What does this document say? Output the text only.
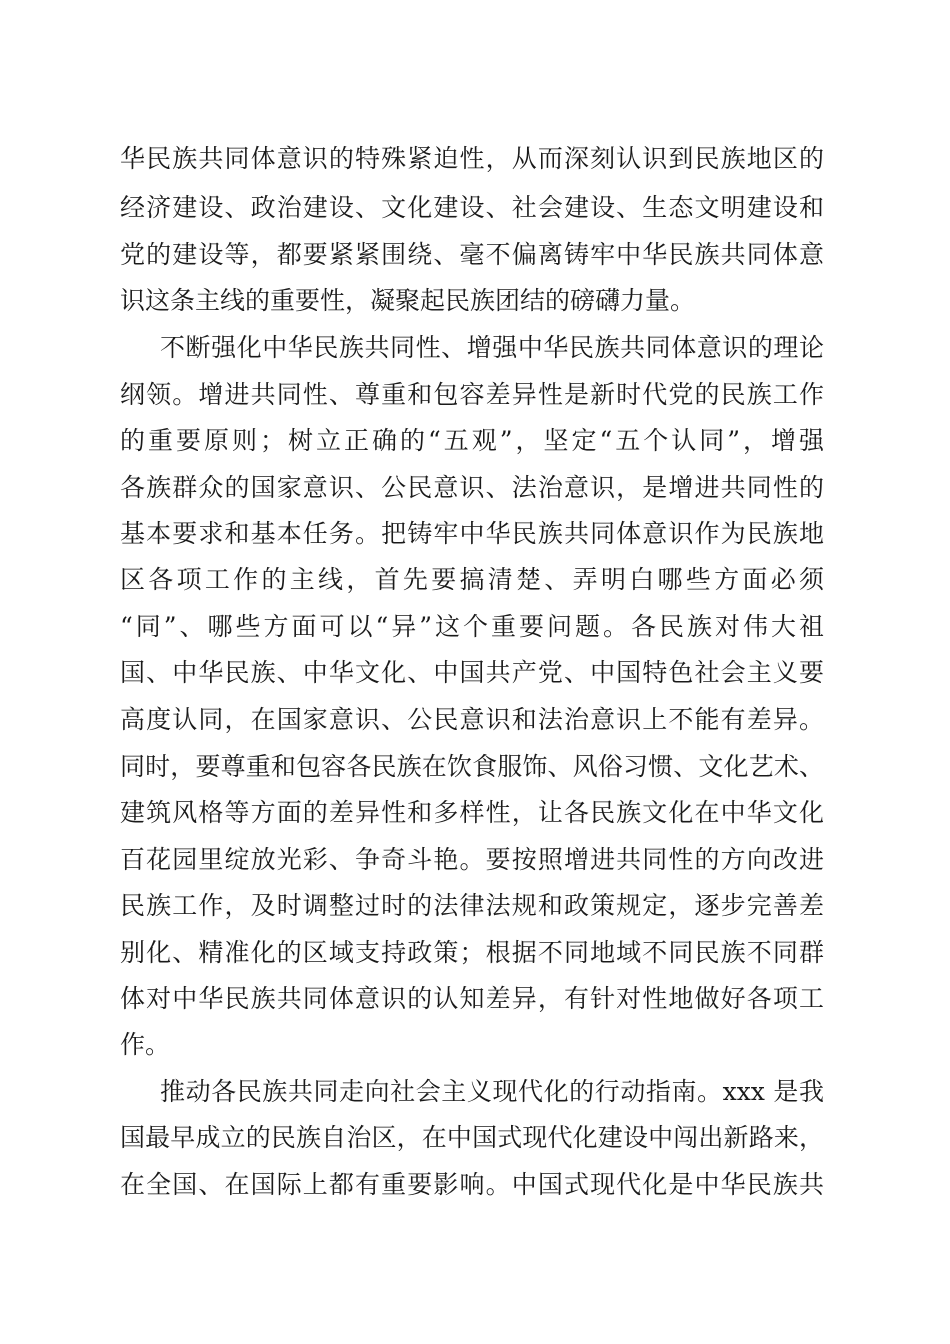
华民族共同体意识的特殊紧迫性，从而深刻认识到民族地区的

经济建设、政治建设、文化建设、社会建设、生态文明建设和

党的建设等，都要紧紧围绕、毫不偏离铸牢中华民族共同体意

识这条主线的重要性，凝聚起民族团结的磅礴力量。

不断强化中华民族共同性、增强中华民族共同体意识的理论

纲领。增进共同性、尊重和包容差异性是新时代党的民族工作

的重要原则；树立正确的“五观”，坚定“五个认同”，增强

各族群众的国家意识、公民意识、法治意识，是增进共同性的

基本要求和基本任务。把铸牢中华民族共同体意识作为民族地

区各项工作的主线，首先要搞清楚、弄明白哪些方面必须

“同”、哪些方面可以“异”这个重要问题。各民族对伟大祖

国、中华民族、中华文化、中国共产党、中国特色社会主义要

高度认同，在国家意识、公民意识和法治意识上不能有差异。

同时，要尊重和包容各民族在饮食服饰、风俗习惯、文化艺术、

建筑风格等方面的差异性和多样性，让各民族文化在中华文化

百花园里绽放光彩、争奇斗艳。要按照增进共同性的方向改进

民族工作，及时调整过时的法律法规和政策规定，逐步完善差

别化、精准化的区域支持政策；根据不同地域不同民族不同群

体对中华民族共同体意识的认知差异，有针对性地做好各项工

作。

推动各民族共同走向社会主义现代化的行动指南。xxx 是我

国最早成立的民族自治区，在中国式现代化建设中闯出新路来，

在全国、在国际上都有重要影响。中国式现代化是中华民族共
